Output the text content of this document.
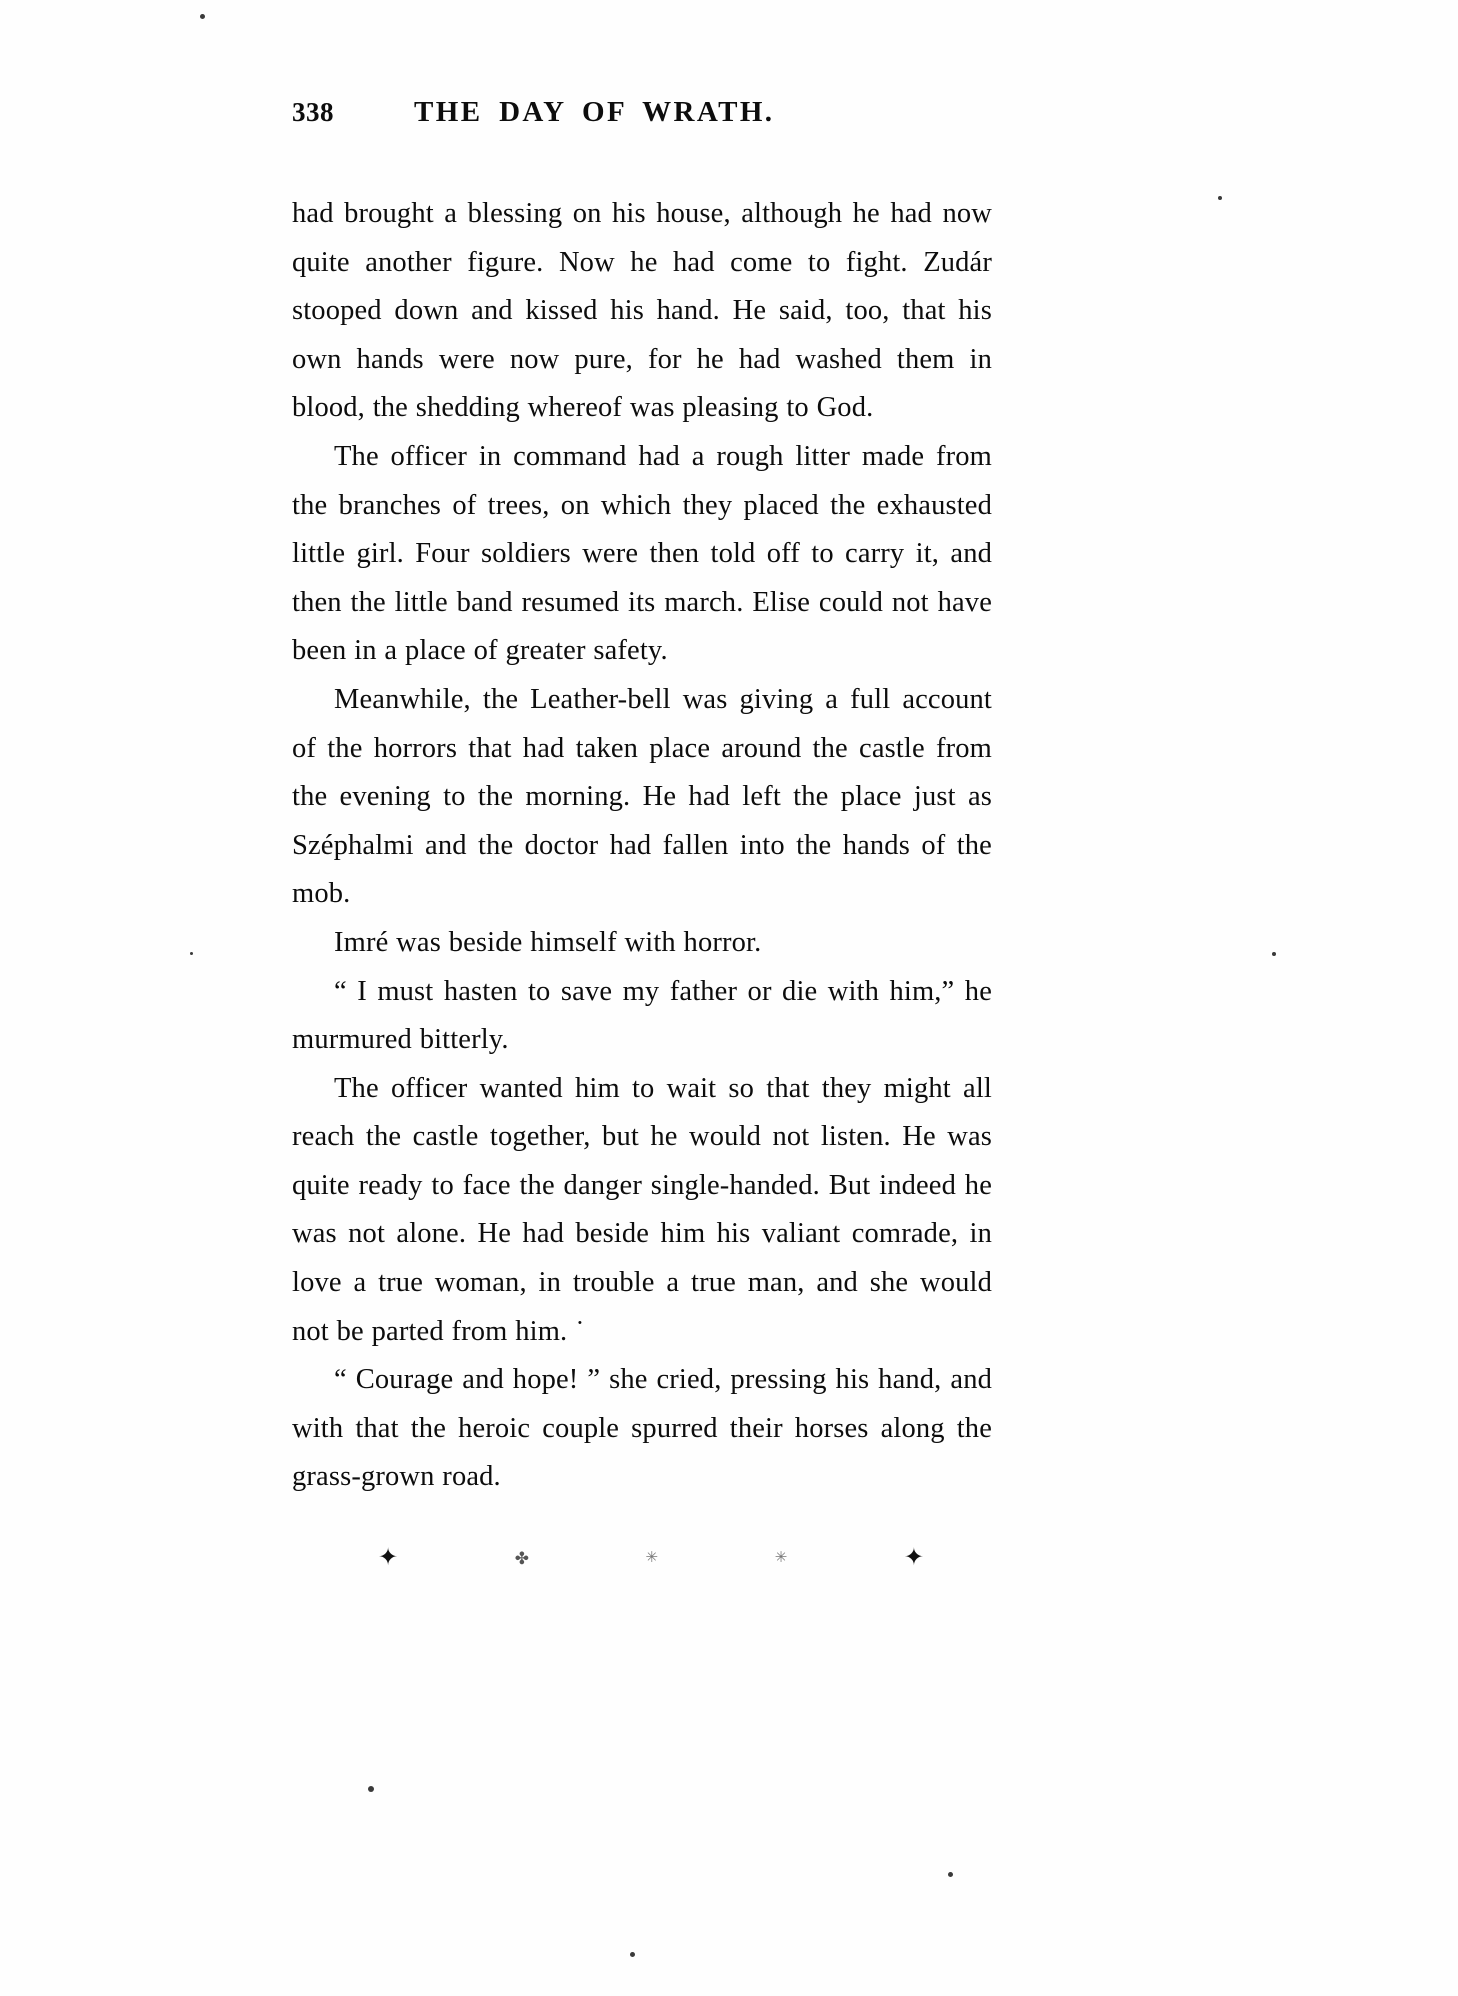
338	THE DAY OF WRATH.

had brought a blessing on his house, although he had now quite another figure. Now he had come to fight. Zudár stooped down and kissed his hand. He said, too, that his own hands were now pure, for he had washed them in blood, the shedding whereof was pleasing to God.

The officer in command had a rough litter made from the branches of trees, on which they placed the exhausted little girl. Four soldiers were then told off to carry it, and then the little band resumed its march. Elise could not have been in a place of greater safety.

Meanwhile, the Leather-bell was giving a full account of the horrors that had taken place around the castle from the evening to the morning. He had left the place just as Széphalmi and the doctor had fallen into the hands of the mob.

Imré was beside himself with horror.

“ I must hasten to save my father or die with him,” he murmured bitterly.

The officer wanted him to wait so that they might all reach the castle together, but he would not listen. He was quite ready to face the danger single-handed. But indeed he was not alone. He had beside him his valiant comrade, in love a true woman, in trouble a true man, and she would not be parted from him. ˙

“ Courage and hope! ” she cried, pressing his hand, and with that the heroic couple spurred their horses along the grass-grown road.

✦	✤	✳	✳	✦
